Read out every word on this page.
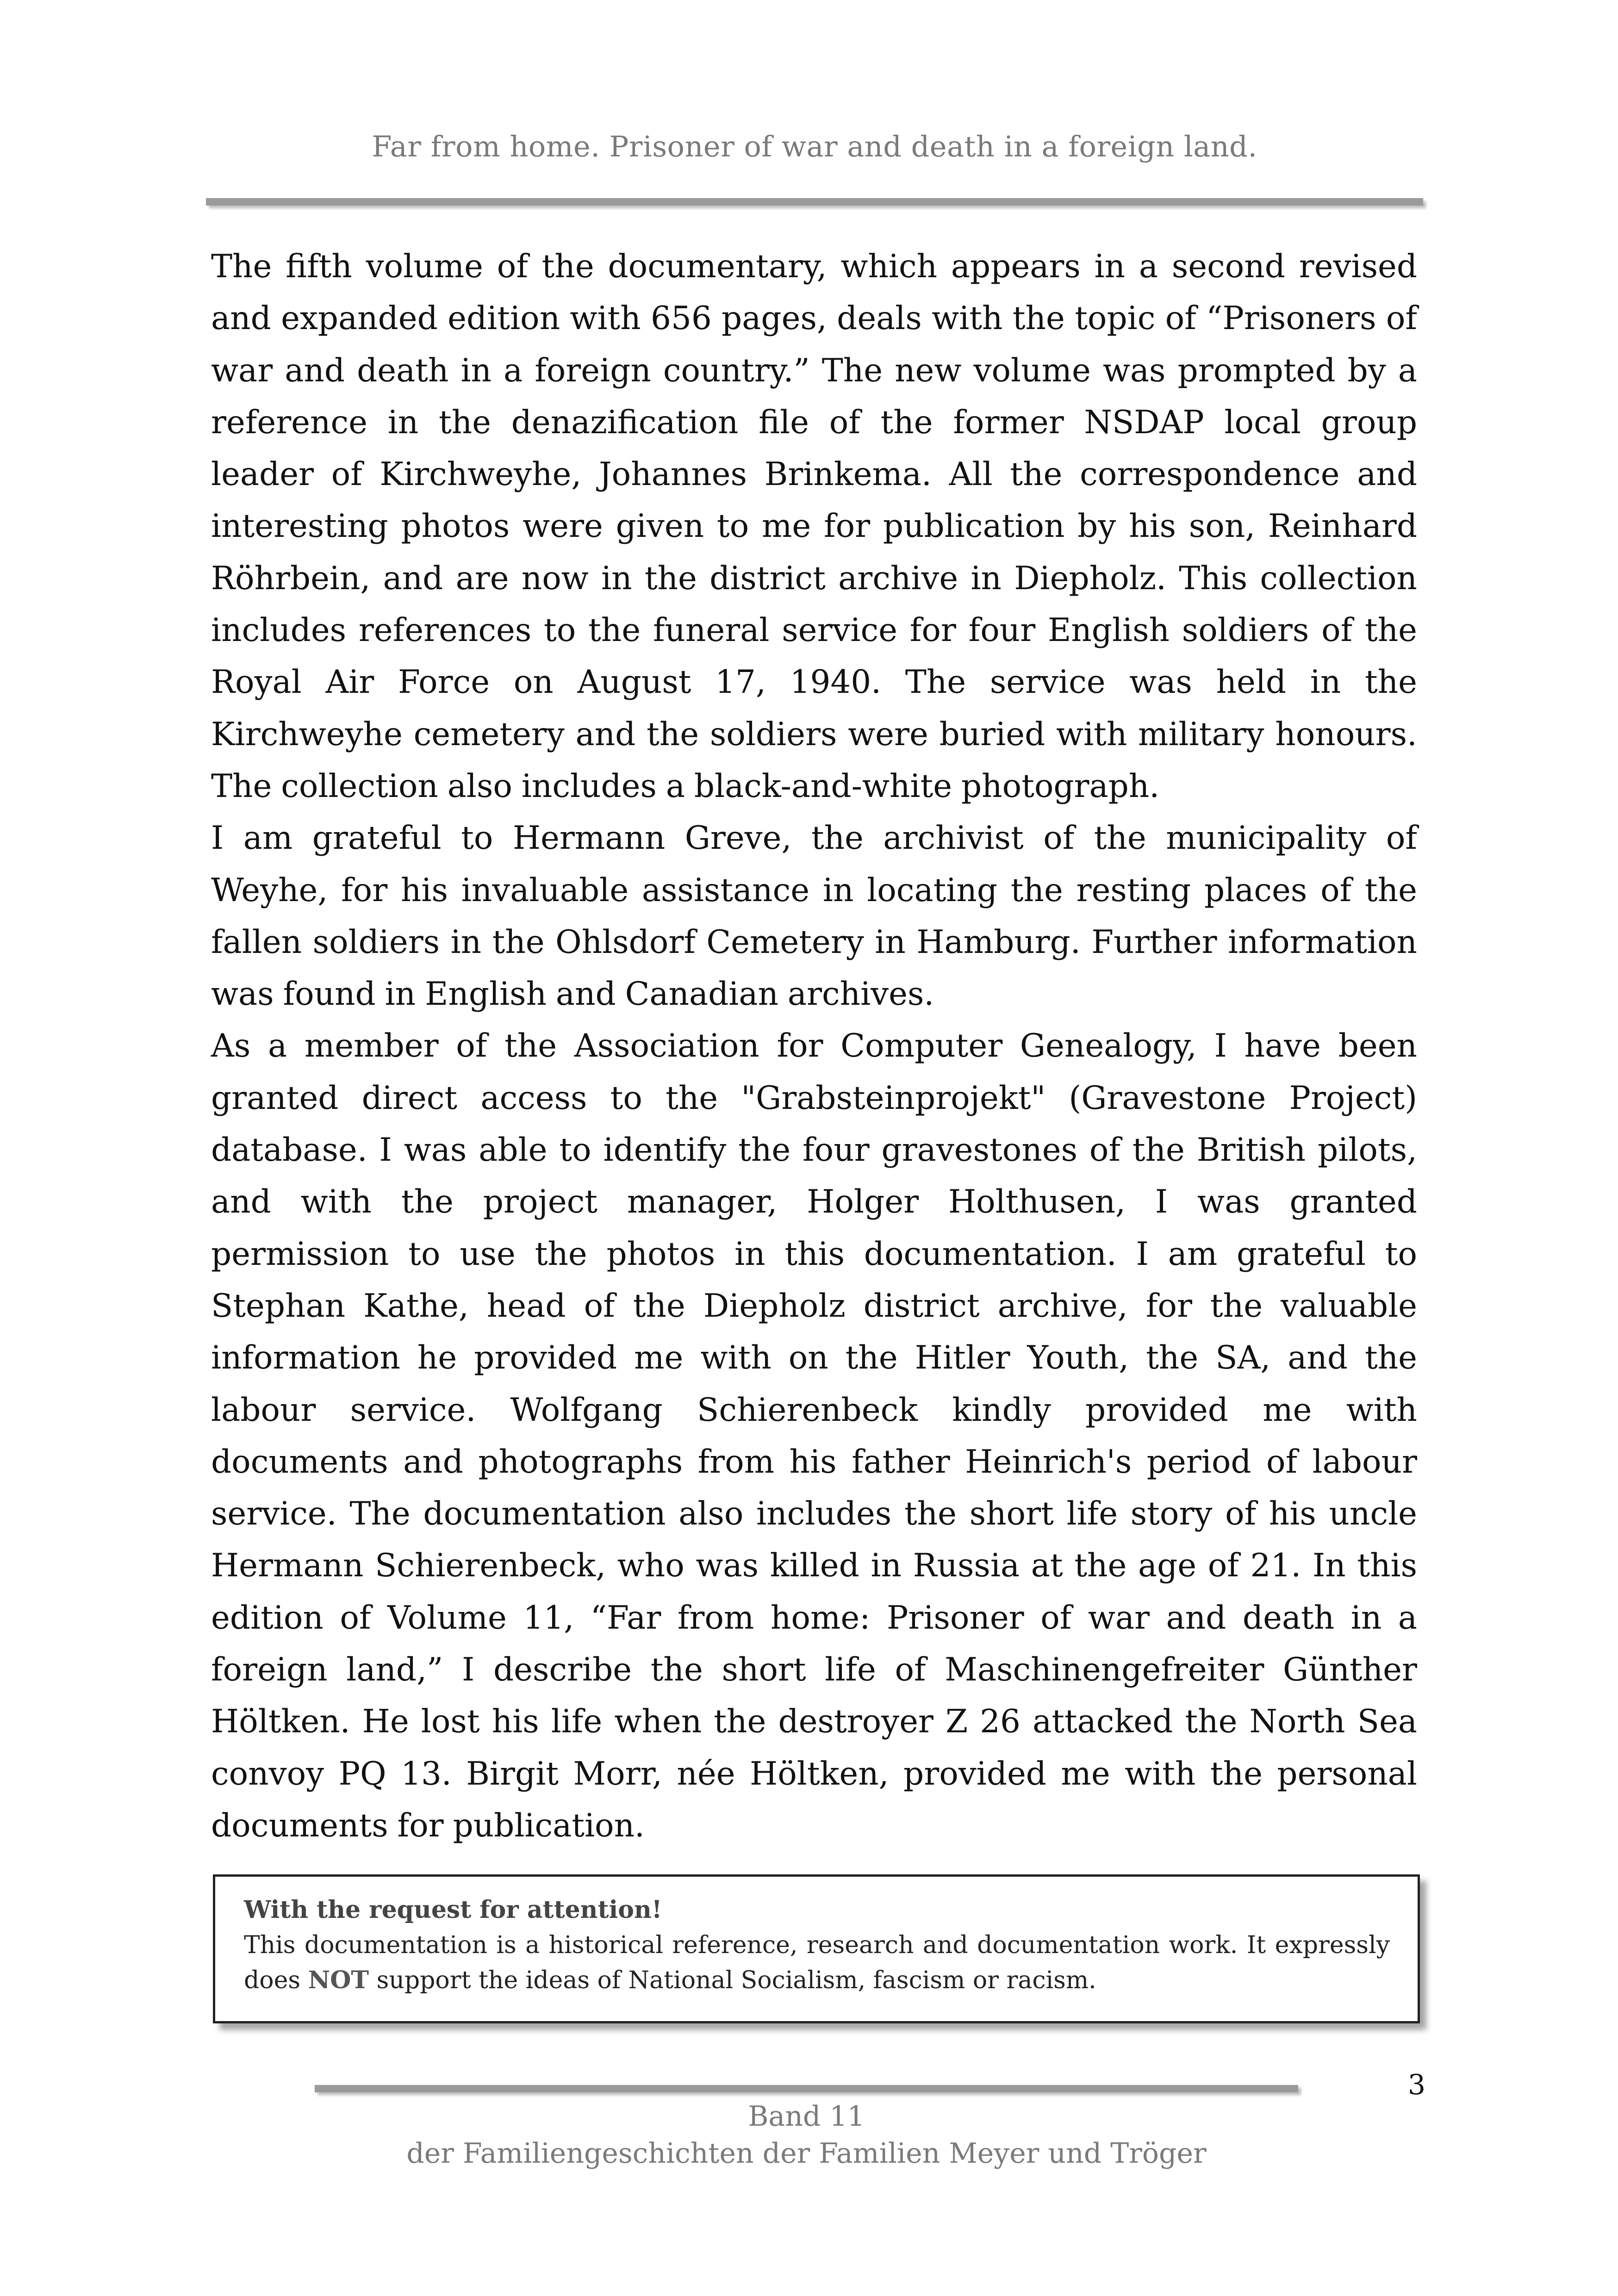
Far from home. Prisoner of war and death in a foreign land.

The fifth volume of the documentary, which appears in a second revised and expanded edition with 656 pages, deals with the topic of “Prisoners of war and death in a foreign country.” The new volume was prompted by a reference in the denazification file of the former NSDAP local group leader of Kirchweyhe, Johannes Brinkema. All the correspondence and interesting photos were given to me for publication by his son, Reinhard Röhrbein, and are now in the district archive in Diepholz. This collection includes references to the funeral service for four English soldiers of the Royal Air Force on August 17, 1940. The service was held in the Kirchweyhe cemetery and the soldiers were buried with military honours. The collection also includes a black-and-white photograph.

I am grateful to Hermann Greve, the archivist of the municipality of Weyhe, for his invaluable assistance in locating the resting places of the fallen soldiers in the Ohlsdorf Cemetery in Hamburg. Further information was found in English and Canadian archives.

As a member of the Association for Computer Genealogy, I have been granted direct access to the "Grabsteinprojekt" (Gravestone Project) database. I was able to identify the four gravestones of the British pilots, and with the project manager, Holger Holthusen, I was granted permission to use the photos in this documentation. I am grateful to Stephan Kathe, head of the Diepholz district archive, for the valuable information he provided me with on the Hitler Youth, the SA, and the labour service. Wolfgang Schierenbeck kindly provided me with documents and photographs from his father Heinrich's period of labour service. The documentation also includes the short life story of his uncle Hermann Schierenbeck, who was killed in Russia at the age of 21. In this edition of Volume 11, “Far from home: Prisoner of war and death in a foreign land,” I describe the short life of Maschinengefreiter Günther Höltken. He lost his life when the destroyer Z 26 attacked the North Sea convoy PQ 13. Birgit Morr, née Höltken, provided me with the personal documents for publication.

With the request for attention!

This documentation is a historical reference, research and documentation work. It expressly does NOT support the ideas of National Socialism, fascism or racism.

3
Band 11
der Familiengeschichten der Familien Meyer und Tröger
